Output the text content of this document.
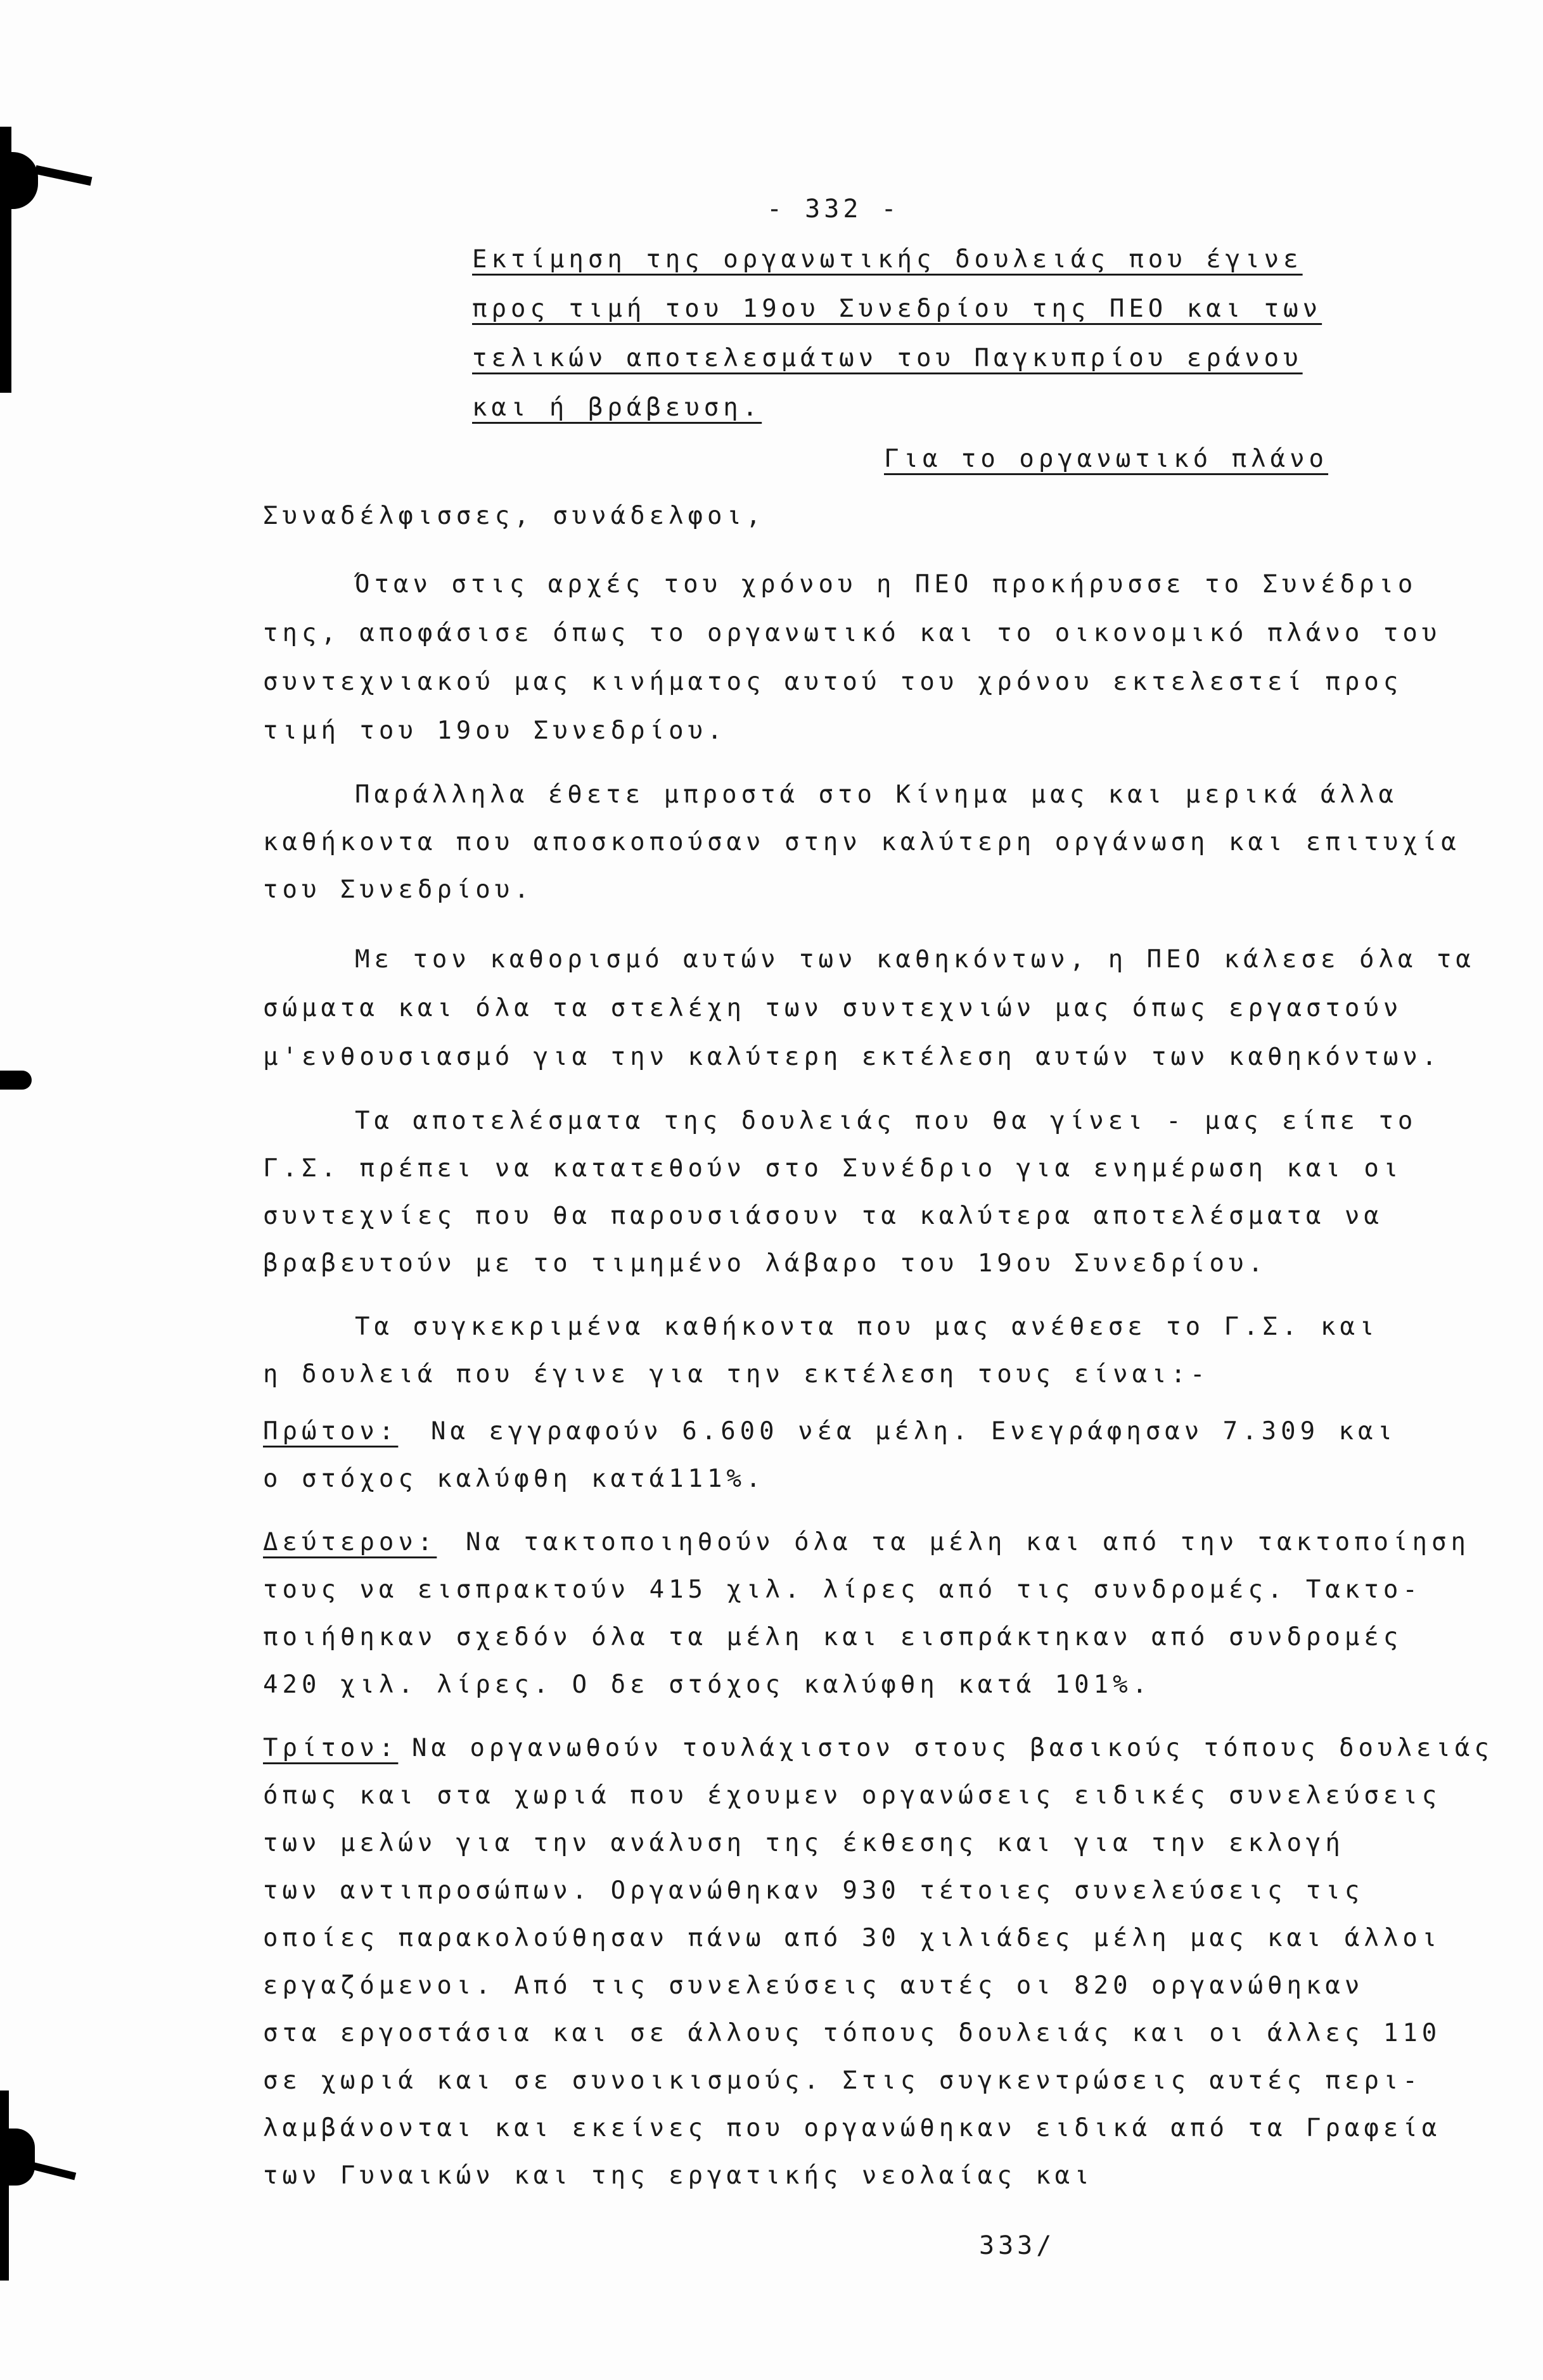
- 332 -
Εκτίμηση της οργανωτικής δουλειάς που έγινε
προς τιμή του 19ου Συνεδρίου της ΠΕΟ και των
τελικών αποτελεσμάτων του Παγκυπρίου εράνου
και ή βράβευση.
Για το οργανωτικό πλάνο
Συναδέλφισσες, συνάδελφοι,
Όταν στις αρχές του χρόνου η ΠΕΟ προκήρυσσε το Συνέδριο
της, αποφάσισε όπως το οργανωτικό και το οικονομικό πλάνο του
συντεχνιακού μας κινήματος αυτού του χρόνου εκτελεστεί προς
τιμή του 19ου Συνεδρίου.
Παράλληλα έθετε μπροστά στο Κίνημα μας και μερικά άλλα
καθήκοντα που αποσκοπούσαν στην καλύτερη οργάνωση και επιτυχία
του Συνεδρίου.
Με τον καθορισμό αυτών των καθηκόντων, η ΠΕΟ κάλεσε όλα τα
σώματα και όλα τα στελέχη των συντεχνιών μας όπως εργαστούν
μ'ενθουσιασμό για την καλύτερη εκτέλεση αυτών των καθηκόντων.
Τα αποτελέσματα της δουλειάς που θα γίνει - μας είπε το
Γ.Σ. πρέπει να κατατεθούν στο Συνέδριο για ενημέρωση και οι
συντεχνίες που θα παρουσιάσουν τα καλύτερα αποτελέσματα να
βραβευτούν με το τιμημένο λάβαρο του 19ου Συνεδρίου.
Τα συγκεκριμένα καθήκοντα που μας ανέθεσε το Γ.Σ. και
η δουλειά που έγινε για την εκτέλεση τους είναι:-
Πρώτον: Να εγγραφούν 6.600 νέα μέλη. Ενεγράφησαν 7.309 και
ο στόχος καλύφθη κατά111%.
Δεύτερον: Να τακτοποιηθούν όλα τα μέλη και από την τακτοποίηση
τους να εισπρακτούν 415 χιλ. λίρες από τις συνδρομές. Τακτο-
ποιήθηκαν σχεδόν όλα τα μέλη και εισπράκτηκαν από συνδρομές
420 χιλ. λίρες. Ο δε στόχος καλύφθη κατά 101%.
Τρίτον: Να οργανωθούν τουλάχιστον στους βασικούς τόπους δουλειάς
όπως και στα χωριά που έχουμεν οργανώσεις ειδικές συνελεύσεις
των μελών για την ανάλυση της έκθεσης και για την εκλογή
των αντιπροσώπων. Οργανώθηκαν 930 τέτοιες συνελεύσεις τις
οποίες παρακολούθησαν πάνω από 30 χιλιάδες μέλη μας και άλλοι
εργαζόμενοι. Από τις συνελεύσεις αυτές οι 820 οργανώθηκαν
στα εργοστάσια και σε άλλους τόπους δουλειάς και οι άλλες 110
σε χωριά και σε συνοικισμούς. Στις συγκεντρώσεις αυτές περι-
λαμβάνονται και εκείνες που οργανώθηκαν ειδικά από τα Γραφεία
των Γυναικών και της εργατικής νεολαίας και
333/
